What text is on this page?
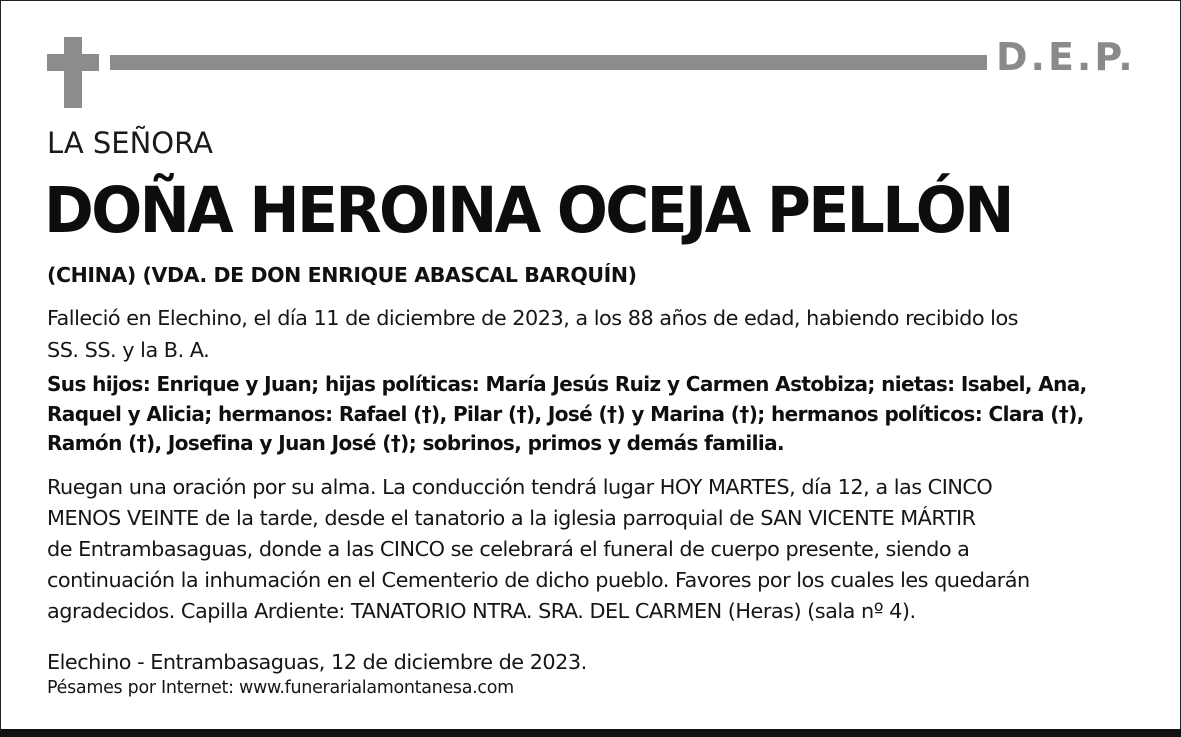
D.E.P.
LA SEÑORA
DOÑA HEROINA OCEJA PELLÓN
(CHINA) (VDA. DE DON ENRIQUE ABASCAL BARQUÍN)
Falleció en Elechino, el día 11 de diciembre de 2023, a los 88 años de edad, habiendo recibido los
SS. SS. y la B. A.
Sus hijos: Enrique y Juan; hijas políticas: María Jesús Ruiz y Carmen Astobiza; nietas: Isabel, Ana,
Raquel y Alicia; hermanos: Rafael (†), Pilar (†), José (†) y Marina (†); hermanos políticos: Clara (†),
Ramón (†), Josefina y Juan José (†); sobrinos, primos y demás familia.
Ruegan una oración por su alma. La conducción tendrá lugar HOY MARTES, día 12, a las CINCO
MENOS VEINTE de la tarde, desde el tanatorio a la iglesia parroquial de SAN VICENTE MÁRTIR
de Entrambasaguas, donde a las CINCO se celebrará el funeral de cuerpo presente, siendo a
continuación la inhumación en el Cementerio de dicho pueblo. Favores por los cuales les quedarán
agradecidos. Capilla Ardiente: TANATORIO NTRA. SRA. DEL CARMEN (Heras) (sala nº 4).
Elechino - Entrambasaguas, 12 de diciembre de 2023.
Pésames por Internet: www.funerarialamontanesa.com
